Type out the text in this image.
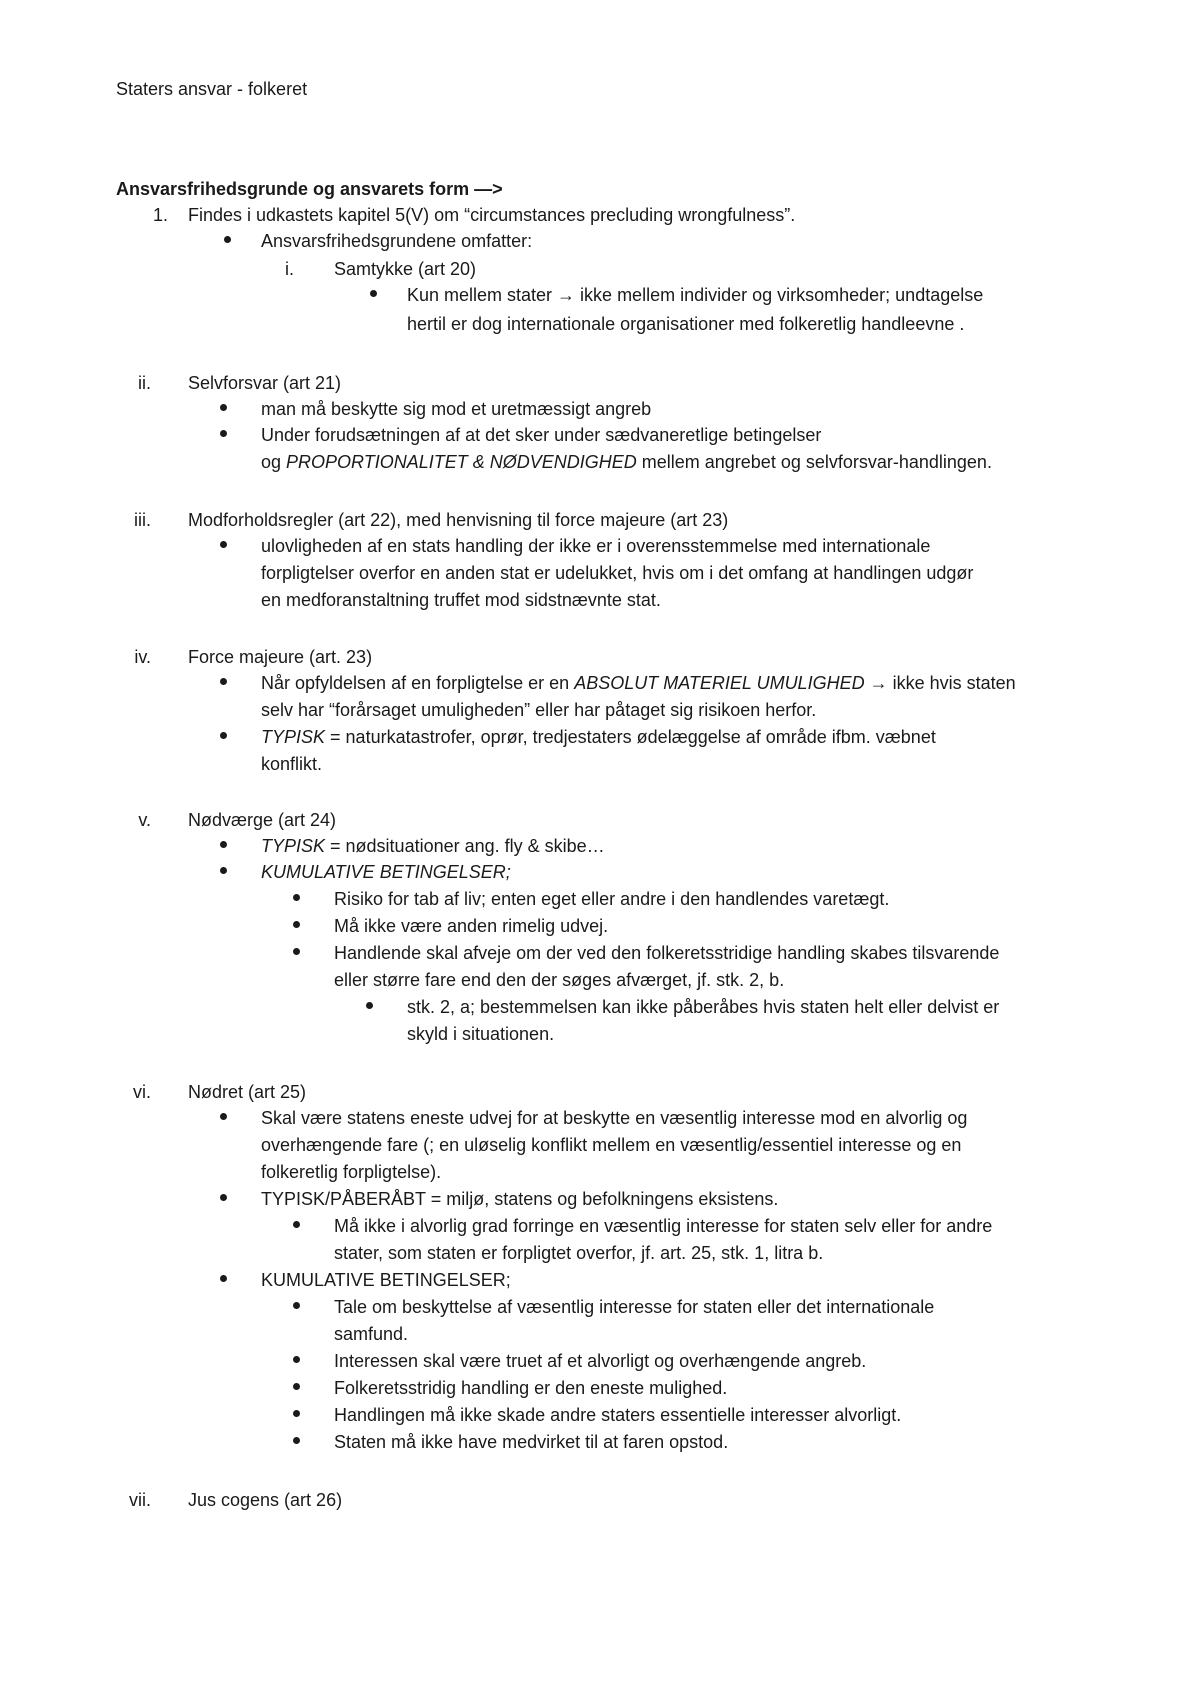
Staters ansvar - folkeret
Ansvarsfrihedsgrunde og ansvarets form —>
1. Findes i udkastets kapitel 5(V) om “circumstances precluding wrongfulness”.
Ansvarsfrihedsgrundene omfatter:
i. Samtykke (art 20)
Kun mellem stater → ikke mellem individer og virksomheder; undtagelse
hertil er dog internationale organisationer med folkeretlig handleevne .
ii. Selvforsvar (art 21)
man må beskytte sig mod et uretmæssigt angreb
Under forudsætningen af at det sker under sædvaneretlige betingelser
og PROPORTIONALITET & NØDVENDIGHED mellem angrebet og selvforsvar-handlingen.
iii. Modforholdsregler (art 22), med henvisning til force majeure (art 23)
ulovligheden af en stats handling der ikke er i overensstemmelse med internationale
forpligtelser overfor en anden stat er udelukket, hvis om i det omfang at handlingen udgør
en medforanstaltning truffet mod sidstnævnte stat.
iv. Force majeure (art. 23)
Når opfyldelsen af en forpligtelse er en ABSOLUT MATERIEL UMULIGHED → ikke hvis staten
selv har “forårsaget umuligheden” eller har påtaget sig risikoen herfor.
TYPISK = naturkatastrofer, oprør, tredjestaters ødelæggelse af område ifbm. væbnet
konflikt.
v. Nødværge (art 24)
TYPISK = nødsituationer ang. fly & skibe…
KUMULATIVE BETINGELSER;
Risiko for tab af liv; enten eget eller andre i den handlendes varetægt.
Må ikke være anden rimelig udvej.
Handlende skal afveje om der ved den folkeretsstridige handling skabes tilsvarende
eller større fare end den der søges afværget, jf. stk. 2, b.
stk. 2, a; bestemmelsen kan ikke påberåbes hvis staten helt eller delvist er
skyld i situationen.
vi. Nødret (art 25)
Skal være statens eneste udvej for at beskytte en væsentlig interesse mod en alvorlig og
overhængende fare (; en uløselig konflikt mellem en væsentlig/essentiel interesse og en
folkeretlig forpligtelse).
TYPISK/PÅBERÅBT = miljø, statens og befolkningens eksistens.
Må ikke i alvorlig grad forringe en væsentlig interesse for staten selv eller for andre
stater, som staten er forpligtet overfor, jf. art. 25, stk. 1, litra b.
KUMULATIVE BETINGELSER;
Tale om beskyttelse af væsentlig interesse for staten eller det internationale
samfund.
Interessen skal være truet af et alvorligt og overhængende angreb.
Folkeretsstridig handling er den eneste mulighed.
Handlingen må ikke skade andre staters essentielle interesser alvorligt.
Staten må ikke have medvirket til at faren opstod.
vii. Jus cogens (art 26)
